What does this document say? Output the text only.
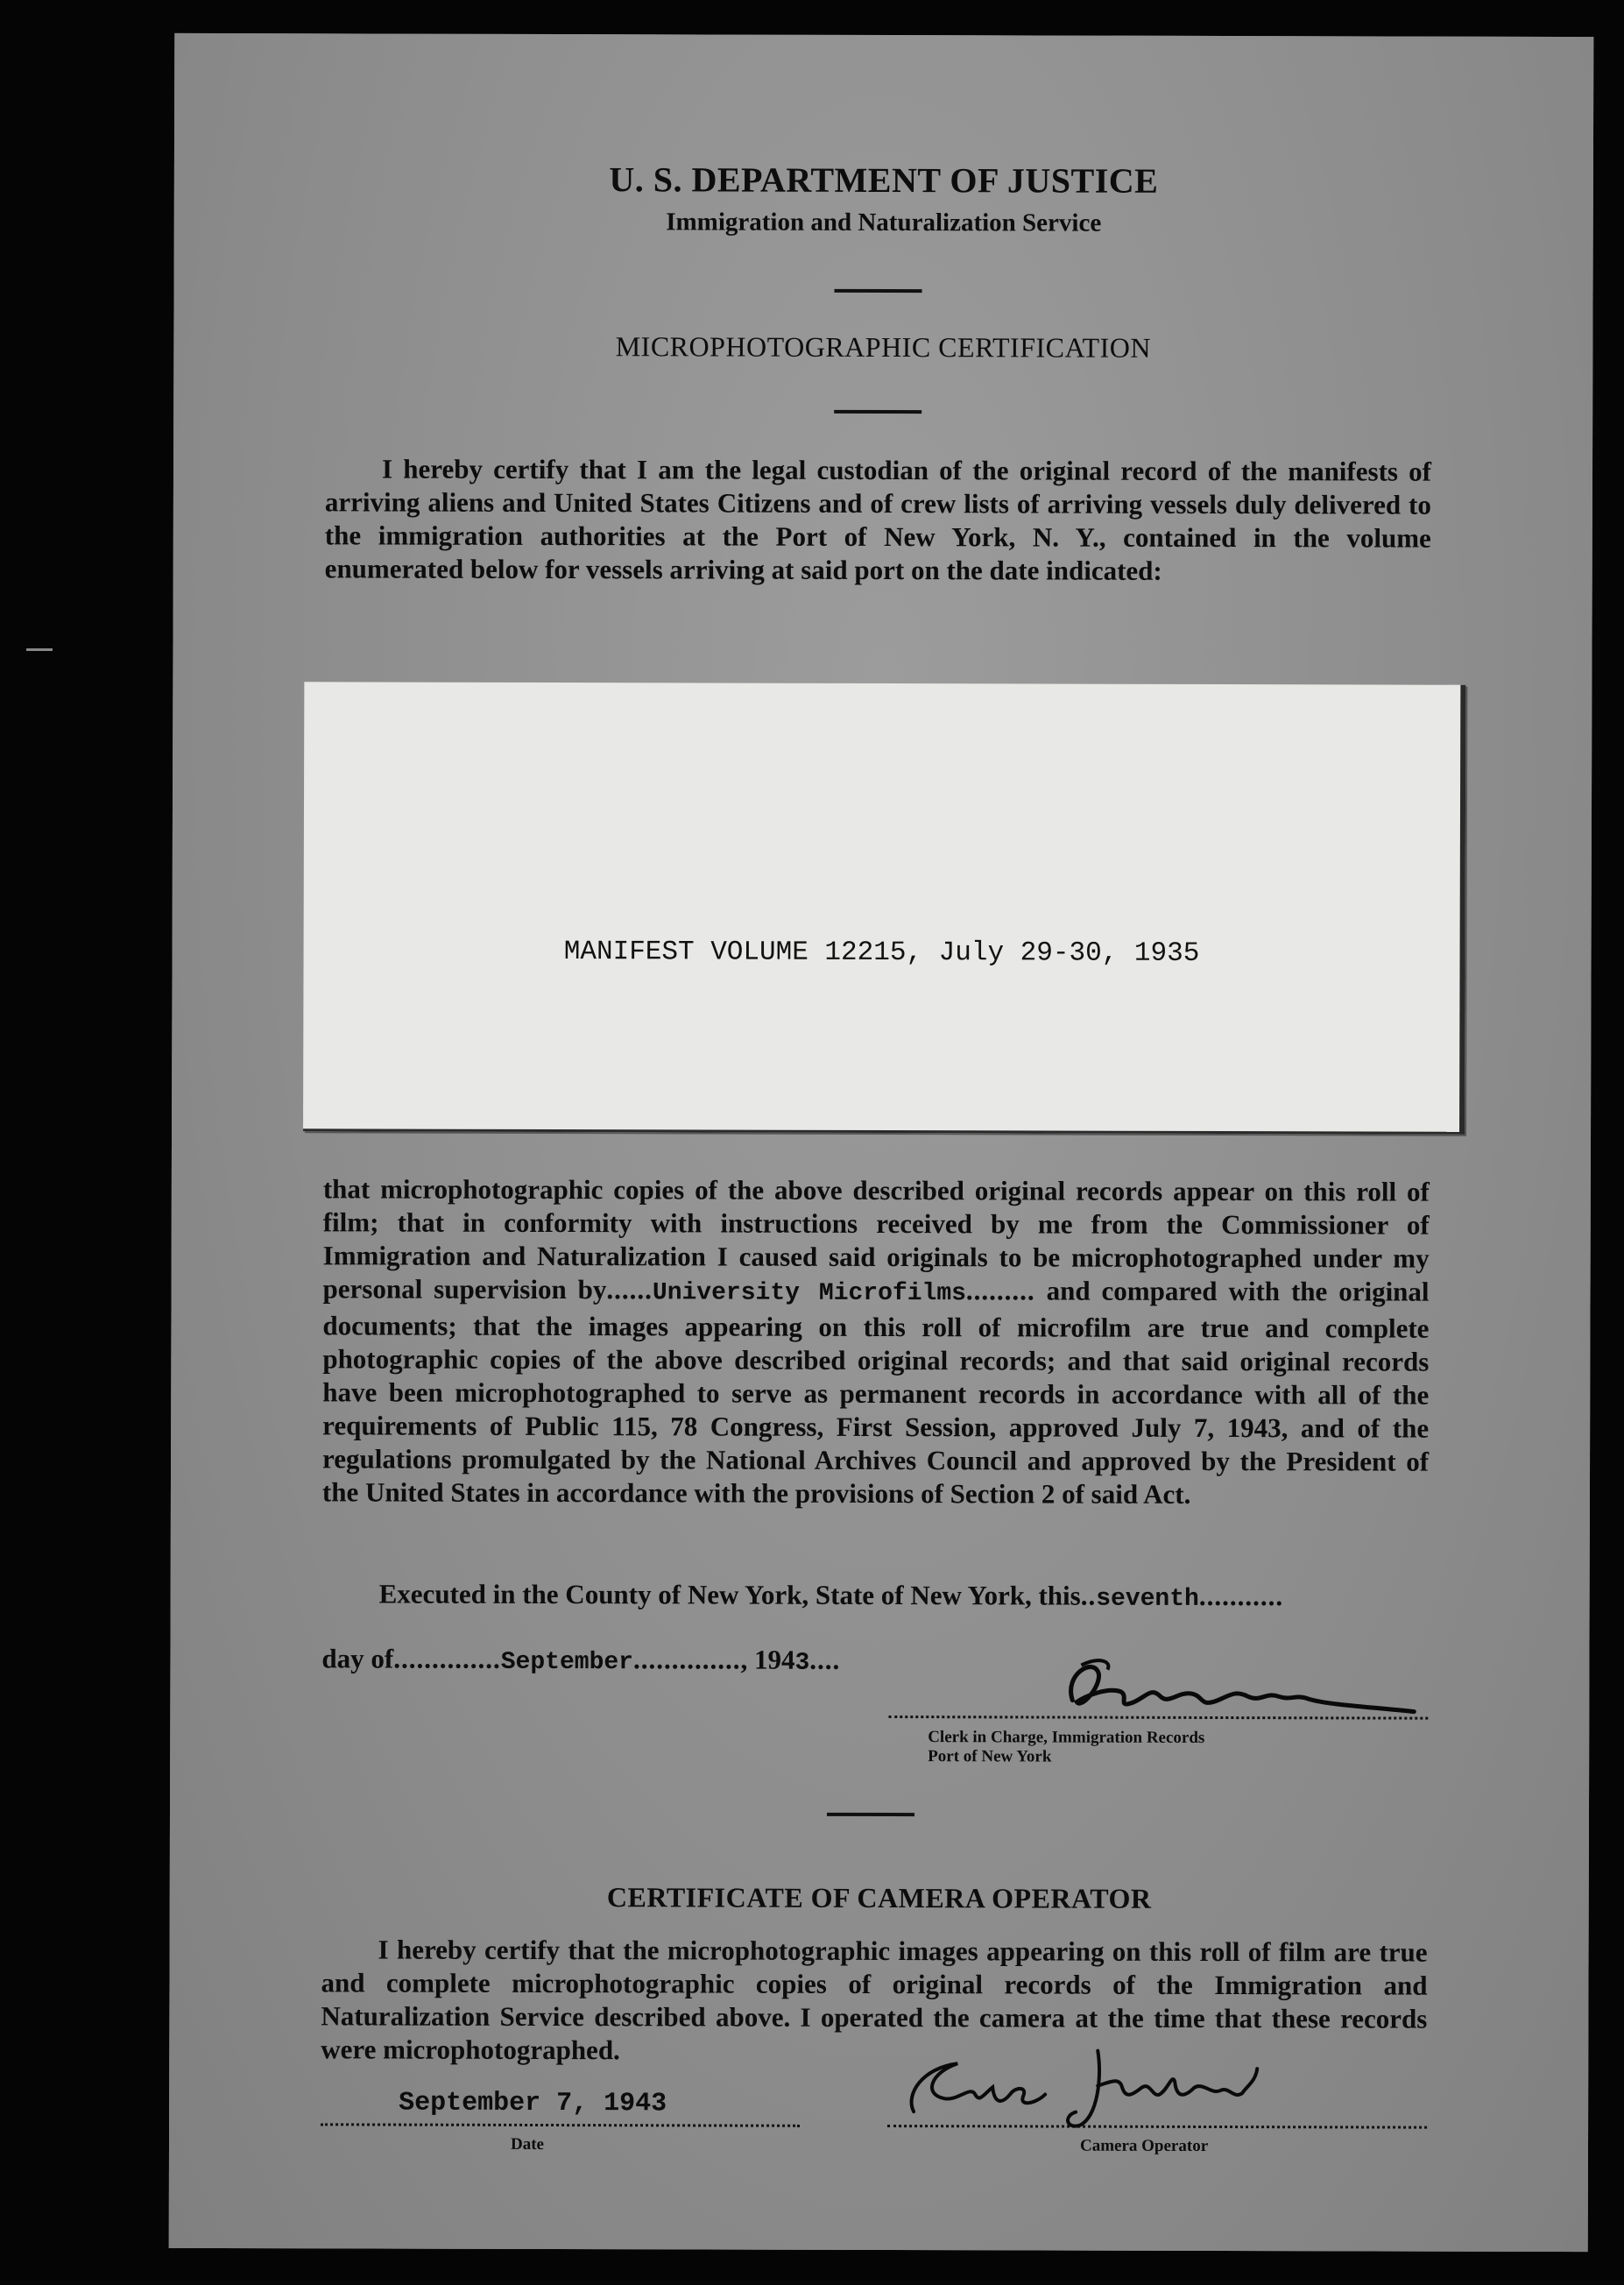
U. S. DEPARTMENT OF JUSTICE
Immigration and Naturalization Service
MICROPHOTOGRAPHIC CERTIFICATION
I hereby certify that I am the legal custodian of the original record of the manifests of arriving aliens and United States Citizens and of crew lists of arriving vessels duly delivered to the immigration authorities at the Port of New York, N. Y., contained in the volume enumerated below for vessels arriving at said port on the date indicated:
MANIFEST VOLUME 12215, July 29-30, 1935
that microphotographic copies of the above described original records appear on this roll of film; that in conformity with instructions received by me from the Commissioner of Immigration and Naturalization I caused said originals to be microphotographed under my personal supervision by......University Microfilms......... and compared with the original documents; that the images appearing on this roll of microfilm are true and complete photographic copies of the above described original records; and that said original records have been microphotographed to serve as permanent records in accordance with all of the requirements of Public 115, 78 Congress, First Session, approved July 7, 1943, and of the regulations promulgated by the National Archives Council and approved by the President of the United States in accordance with the provisions of Section 2 of said Act.
Executed in the County of New York, State of New York, this..seventh...........
day of..............September.............., 1943....
Clerk in Charge, Immigration Records
Port of New York
CERTIFICATE OF CAMERA OPERATOR
I hereby certify that the microphotographic images appearing on this roll of film are true and complete microphotographic copies of original records of the Immigration and Naturalization Service described above. I operated the camera at the time that these records were microphotographed.
September 7, 1943
Date	Camera Operator
